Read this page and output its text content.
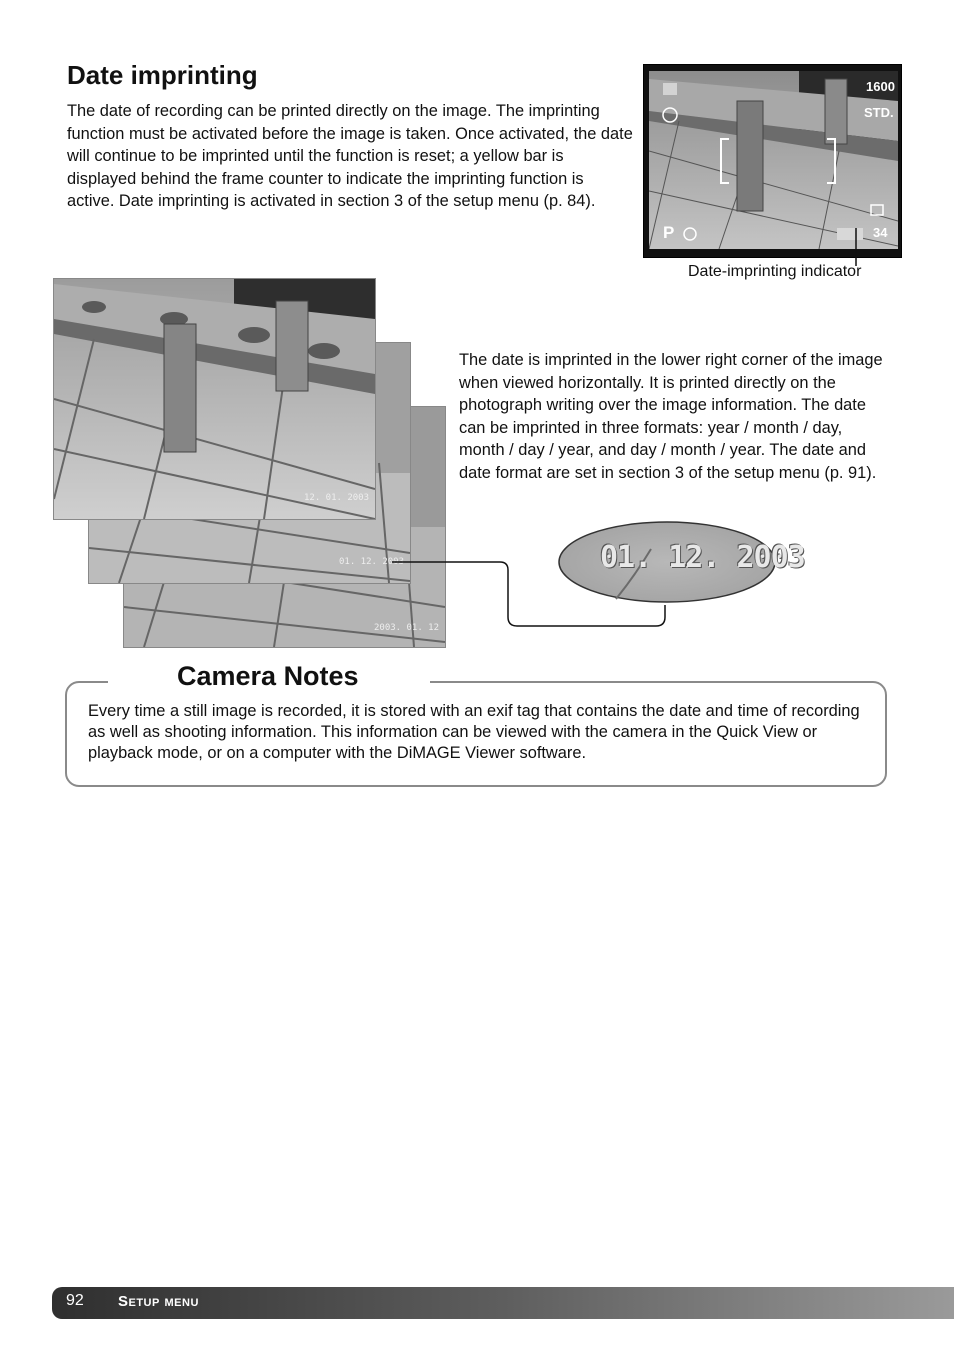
Date imprinting

The date of recording can be printed directly on the image. The imprinting function must be activated before the image is taken. Once activated, the date will continue to be imprinted until the function is reset; a yellow bar is displayed behind the frame counter to indicate the imprinting function is active. Date imprinting is activated in section 3 of the setup menu (p. 84).

1600
STD.
P	34
Date-imprinting indicator
2003. 01. 12
01. 12. 2003
12. 01. 2003

The date is imprinted in the lower right corner of the image when viewed horizontally. It is printed directly on the photograph writing over the image information. The date can be imprinted in three formats: year / month / day, month / day / year, and day / month / year. The date and date format are set in section 3 of the setup menu (p. 91).

01. 12. 2003
Camera Notes

Every time a still image is recorded, it is stored with an exif tag that contains the date and time of recording as well as shooting information. This information can be viewed with the camera in the Quick View or playback mode, or on a computer with the DiMAGE Viewer software.

92 Setup menu
